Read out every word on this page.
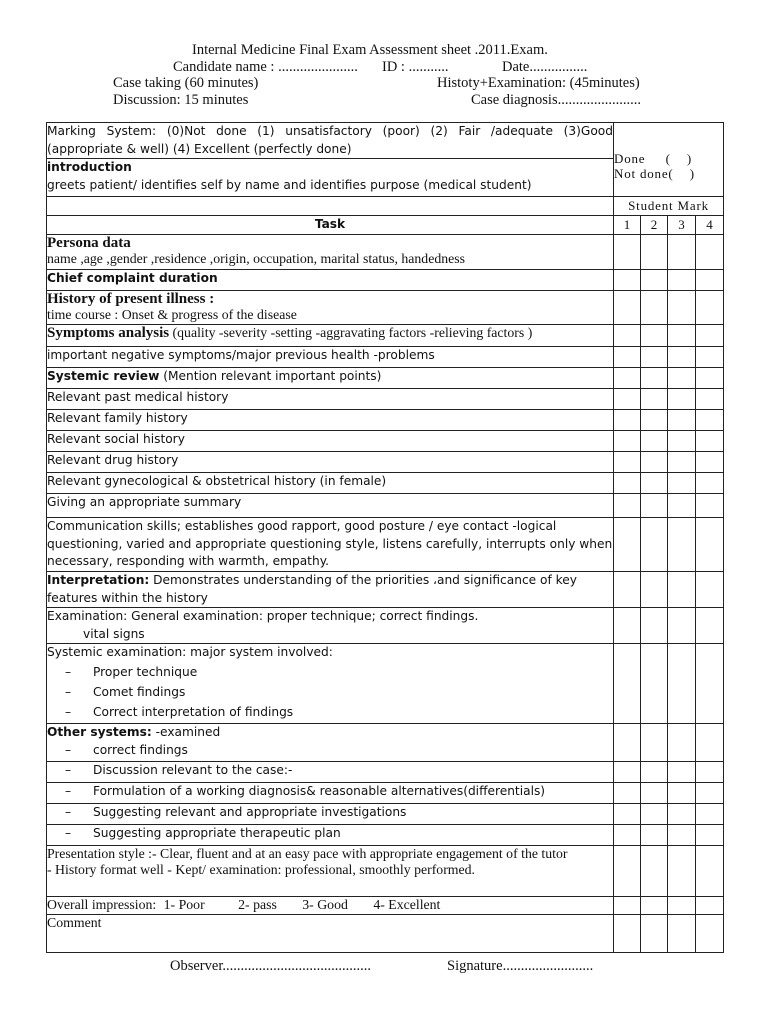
Internal Medicine Final Exam Assessment sheet .2011.Exam.
Candidate name : ...................... ID : ...........	Date................
Case taking (60 minutes)	Histoty+Examination: (45minutes)
Discussion: 15 minutes	Case diagnosis.......................
Marking System: (0)Not done (1) unsatisfactory (poor) (2) Fair /adequate (3)Good (appropriate & well) (4) Excellent (perfectly done)	Done     (    )
Not done(    )			

introduction
greets patient/ identifies self by name and identifies purpose (medical student)				

	Student Mark			
Task	1	2	3	4

Persona data
name ,age ,gender ,residence ,origin, occupation, marital status, handedness				

Chief complaint duration				

History of present illness :
time course : Onset & progress of the disease				

Symptoms analysis (quality -severity -setting -aggravating factors -relieving factors )				
important negative symptoms/major previous health -problems				
Systemic review (Mention relevant important points)				
Relevant past medical history				
Relevant family history				
Relevant social history				
Relevant drug history				
Relevant gynecological & obstetrical history (in female)				
Giving an appropriate summary				
Communication skills; establishes good rapport, good posture / eye contact -logical questioning, varied and appropriate questioning style, listens carefully, interrupts only when necessary, responding with warmth, empathy.				
Interpretation: Demonstrates understanding of the priorities ،and significance of key features within the history				

Examination: General examination: proper technique; correct findings.
vital signs				

Systemic examination: major system involved:
– Proper technique
– Comet findings
– Correct interpretation of findings				

Other systems: -examined
– correct findings				

– Discussion relevant to the case:-				

– Formulation of a working diagnosis& reasonable alternatives(differentials)				

– Suggesting relevant and appropriate investigations				

– Suggesting appropriate therapeutic plan				

Presentation style :- Clear, fluent and at an easy pace with appropriate engagement of the tutor
- History format well - Kept/ examination: professional, smoothly performed.				

Overall impression: 1- Poor 2- pass 3- Good 4- Excellent				
Comment				
Observer.........................................	Signature.........................
